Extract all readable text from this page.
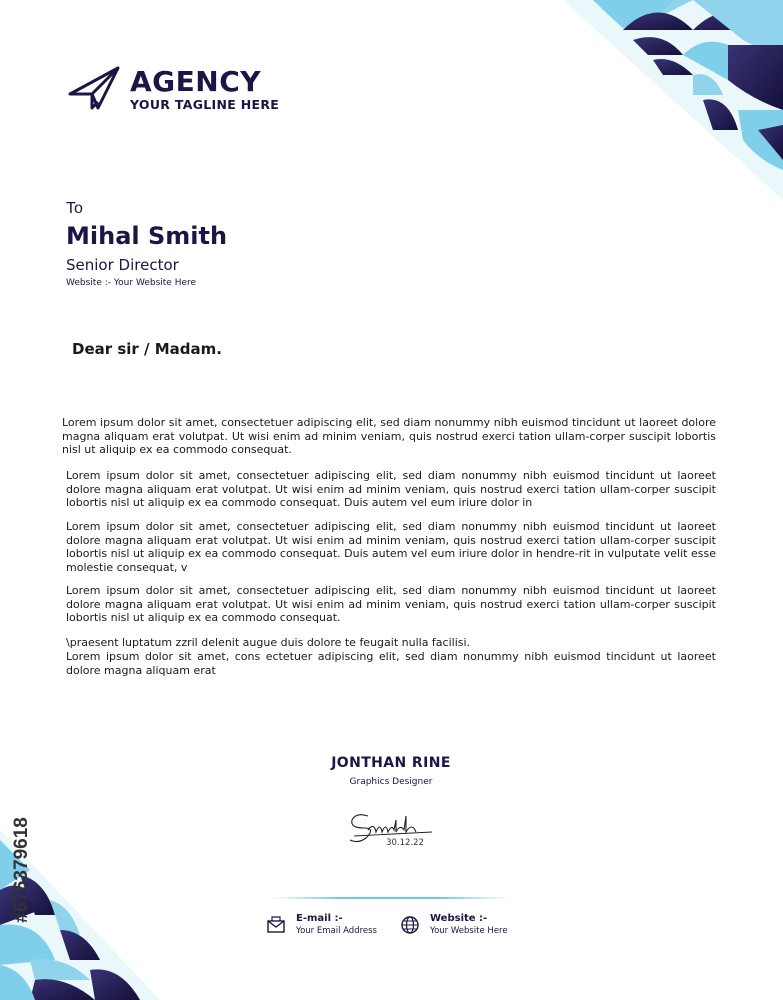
#676379618
AGENCY
YOUR TAGLINE HERE
To
Mihal Smith
Senior Director
Website :- Your Website Here
Dear sir / Madam.

Lorem ipsum dolor sit amet, consectetuer adipiscing elit, sed diam nonummy nibh euismod tincidunt ut laoreet dolore magna aliquam erat volutpat. Ut wisi enim ad minim veniam, quis nostrud exerci tation ullam-corper suscipit lobortis nisl ut aliquip ex ea commodo consequat.

Lorem ipsum dolor sit amet, consectetuer adipiscing elit, sed diam nonummy nibh euismod tincidunt ut laoreet dolore magna aliquam erat volutpat. Ut wisi enim ad minim veniam, quis nostrud exerci tation ullam-corper suscipit lobortis nisl ut aliquip ex ea commodo consequat. Duis autem vel eum iriure dolor in

Lorem ipsum dolor sit amet, consectetuer adipiscing elit, sed diam nonummy nibh euismod tincidunt ut laoreet dolore magna aliquam erat volutpat. Ut wisi enim ad minim veniam, quis nostrud exerci tation ullam-corper suscipit lobortis nisl ut aliquip ex ea commodo consequat. Duis autem vel eum iriure dolor in hendre-rit in vulputate velit esse molestie consequat, v

Lorem ipsum dolor sit amet, consectetuer adipiscing elit, sed diam nonummy nibh euismod tincidunt ut laoreet dolore magna aliquam erat volutpat. Ut wisi enim ad minim veniam, quis nostrud exerci tation ullam-corper suscipit lobortis nisl ut aliquip ex ea commodo consequat.

\praesent luptatum zzril delenit augue duis dolore te feugait nulla facilisi.

Lorem ipsum dolor sit amet, cons ectetuer adipiscing elit, sed diam nonummy nibh euismod tincidunt ut laoreet dolore magna aliquam erat

JONTHAN RINE
Graphics Designer
30.12.22
E-mail :-
Your Email Address
Website :-
Your Website Here
